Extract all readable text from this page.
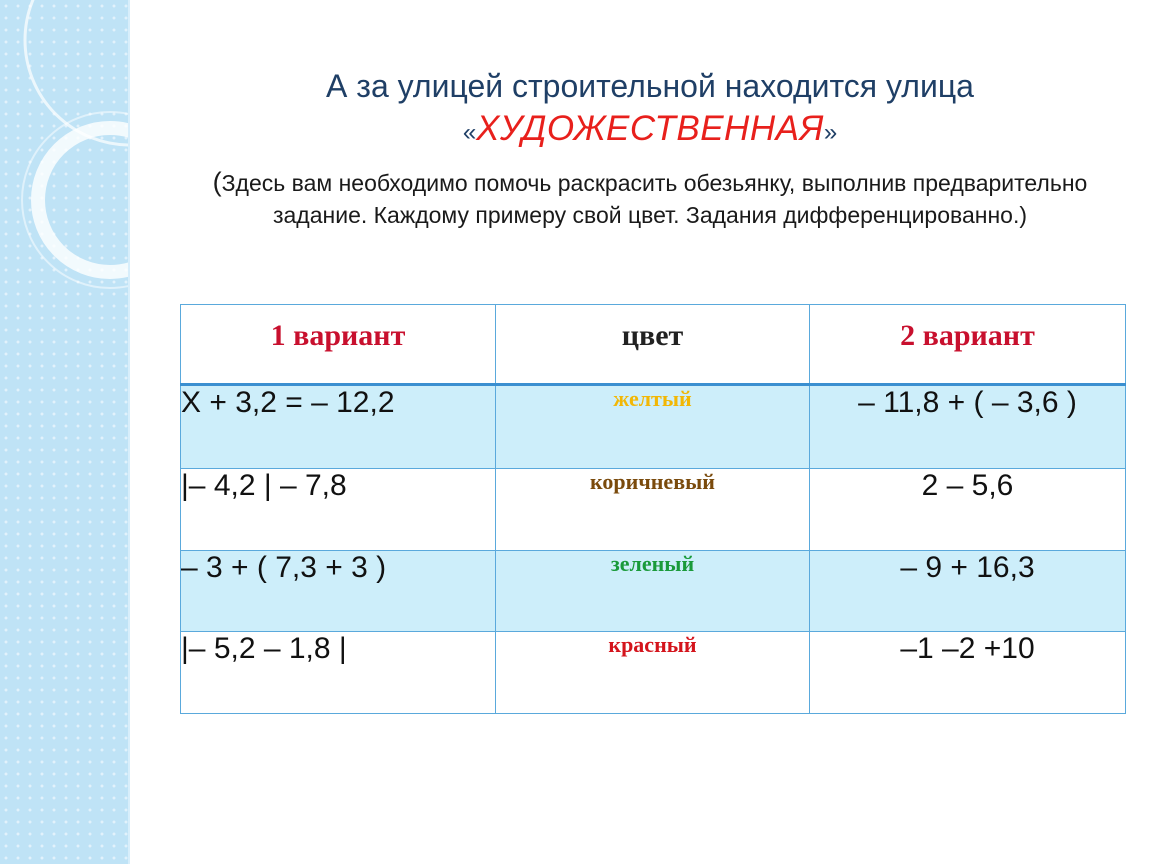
А за улицей строительной находится улица
«ХУДОЖЕСТВЕННАЯ»
(Здесь вам необходимо помочь раскрасить обезьянку, выполнив предварительно задание. Каждому примеру свой цвет. Задания дифференцированно.)
1 вариант	цвет	2 вариант
Х + 3,2 = – 12,2	желтый	– 11,8 + ( – 3,6 )
|– 4,2 | – 7,8	коричневый	2 – 5,6
– 3 + ( 7,3 + 3 )	зеленый	– 9 + 16,3
|– 5,2 – 1,8 |	красный	–1 –2 +10
